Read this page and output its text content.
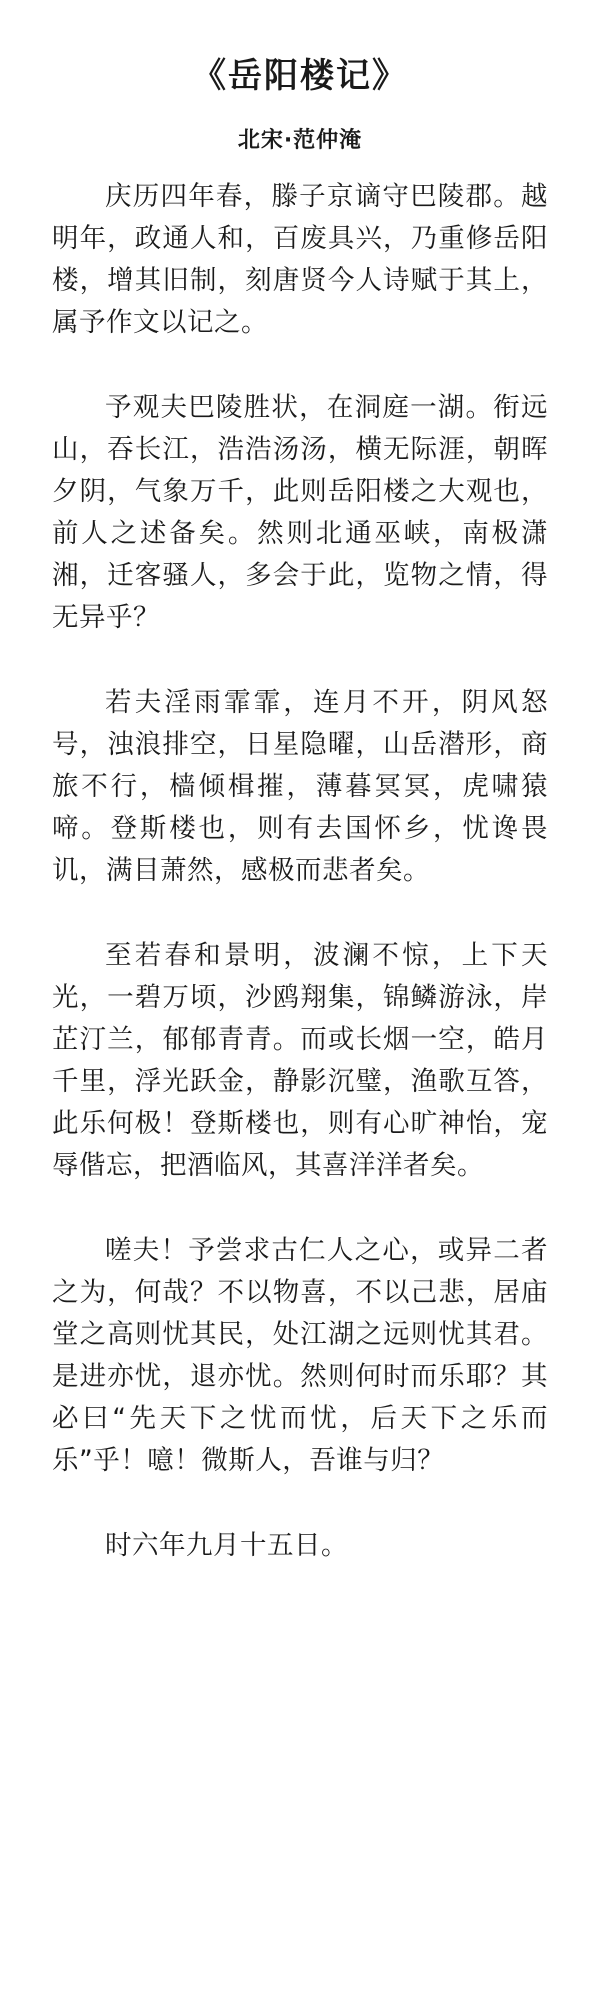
《岳阳楼记》
北宋·范仲淹

庆历四年春，滕子京谪守巴陵郡。越明年，政通人和，百废具兴，乃重修岳阳楼，增其旧制，刻唐贤今人诗赋于其上，属予作文以记之。

予观夫巴陵胜状，在洞庭一湖。衔远山，吞长江，浩浩汤汤，横无际涯，朝晖夕阴，气象万千，此则岳阳楼之大观也，前人之述备矣。然则北通巫峡，南极潇湘，迁客骚人，多会于此，览物之情，得无异乎？

若夫淫雨霏霏，连月不开，阴风怒号，浊浪排空，日星隐曜，山岳潜形，商旅不行，樯倾楫摧，薄暮冥冥，虎啸猿啼。登斯楼也，则有去国怀乡，忧谗畏讥，满目萧然，感极而悲者矣。

至若春和景明，波澜不惊，上下天光，一碧万顷，沙鸥翔集，锦鳞游泳，岸芷汀兰，郁郁青青。而或长烟一空，皓月千里，浮光跃金，静影沉璧，渔歌互答，此乐何极！登斯楼也，则有心旷神怡，宠辱偕忘，把酒临风，其喜洋洋者矣。

嗟夫！予尝求古仁人之心，或异二者之为，何哉？不以物喜，不以己悲，居庙堂之高则忧其民，处江湖之远则忧其君。是进亦忧，退亦忧。然则何时而乐耶？其必曰“先天下之忧而忧，后天下之乐而乐”乎！噫！微斯人，吾谁与归？

时六年九月十五日。
